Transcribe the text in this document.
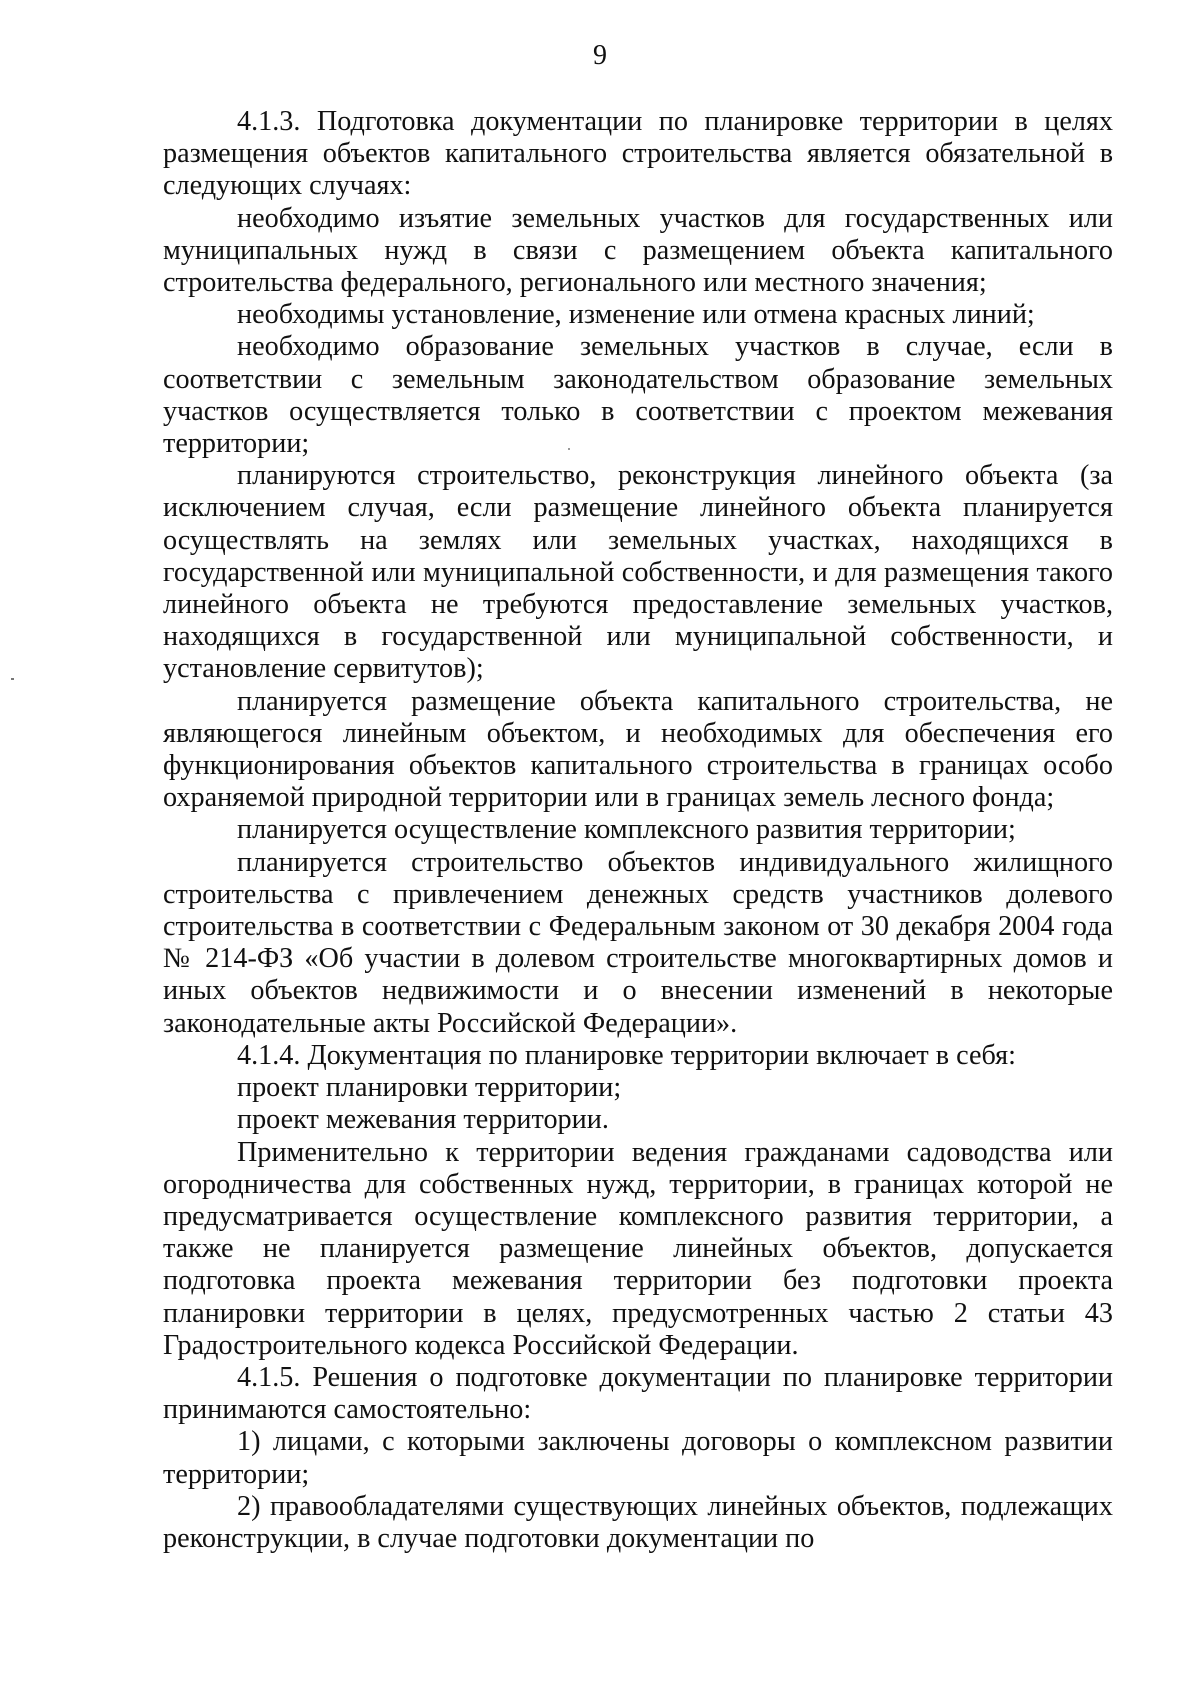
9

4.1.3. Подготовка документации по планировке территории в целях размещения объектов капитального строительства является обязательной в следующих случаях:

необходимо изъятие земельных участков для государственных или муниципальных нужд в связи с размещением объекта капитального строительства федерального, регионального или местного значения;

необходимы установление, изменение или отмена красных линий;

необходимо образование земельных участков в случае, если в соответствии с земельным законодательством образование земельных участков осуществляется только в соответствии с проектом межевания территории;

планируются строительство, реконструкция линейного объекта (за исключением случая, если размещение линейного объекта планируется осуществлять на землях или земельных участках, находящихся в государственной или муниципальной собственности, и для размещения такого линейного объекта не требуются предоставление земельных участков, находящихся в государственной или муниципальной собственности, и установление сервитутов);

планируется размещение объекта капитального строительства, не являющегося линейным объектом, и необходимых для обеспечения его функционирования объектов капитального строительства в границах особо охраняемой природной территории или в границах земель лесного фонда;

планируется осуществление комплексного развития территории;

планируется строительство объектов индивидуального жилищного строительства с привлечением денежных средств участников долевого строительства в соответствии с Федеральным законом от 30 декабря 2004 года № 214-ФЗ «Об участии в долевом строительстве многоквартирных домов и иных объектов недвижимости и о внесении изменений в некоторые законодательные акты Российской Федерации».

4.1.4. Документация по планировке территории включает в себя:

проект планировки территории;

проект межевания территории.

Применительно к территории ведения гражданами садоводства или огородничества для собственных нужд, территории, в границах которой не предусматривается осуществление комплексного развития территории, а также не планируется размещение линейных объектов, допускается подготовка проекта межевания территории без подготовки проекта планировки территории в целях, предусмотренных частью 2 статьи 43 Градостроительного кодекса Российской Федерации.

4.1.5. Решения о подготовке документации по планировке территории принимаются самостоятельно:

1) лицами, с которыми заключены договоры о комплексном развитии территории;

2) правообладателями существующих линейных объектов, подлежащих реконструкции, в случае подготовки документации по
